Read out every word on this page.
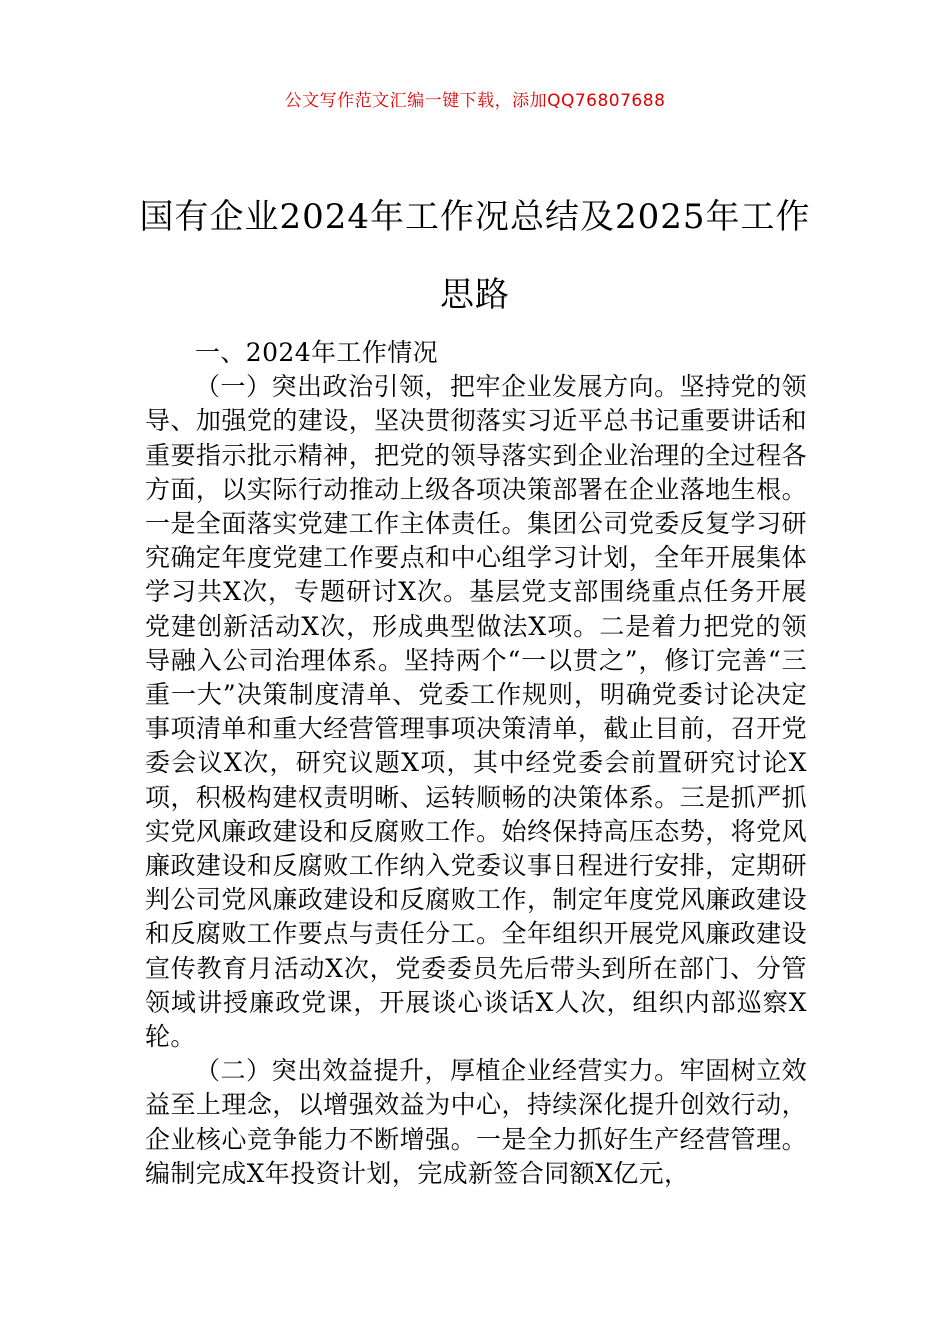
公文写作范文汇编一键下载，添加QQ76807688
国有企业2024年工作况总结及2025年工作思路

一、2024年工作情况

（一）突出政治引领，把牢企业发展方向。坚持党的领导、加强党的建设，坚决贯彻落实习近平总书记重要讲话和重要指示批示精神，把党的领导落实到企业治理的全过程各方面，以实际行动推动上级各项决策部署在企业落地生根。一是全面落实党建工作主体责任。集团公司党委反复学习研究确定年度党建工作要点和中心组学习计划，全年开展集体学习共X次，专题研讨X次。基层党支部围绕重点任务开展党建创新活动X次，形成典型做法X项。二是着力把党的领导融入公司治理体系。坚持两个“一以贯之”，修订完善“三重一大”决策制度清单、党委工作规则，明确党委讨论决定事项清单和重大经营管理事项决策清单，截止目前，召开党委会议X次，研究议题X项，其中经党委会前置研究讨论X项，积极构建权责明晰、运转顺畅的决策体系。三是抓严抓实党风廉政建设和反腐败工作。始终保持高压态势，将党风廉政建设和反腐败工作纳入党委议事日程进行安排，定期研判公司党风廉政建设和反腐败工作，制定年度党风廉政建设和反腐败工作要点与责任分工。全年组织开展党风廉政建设宣传教育月活动X次，党委委员先后带头到所在部门、分管领域讲授廉政党课，开展谈心谈话X人次，组织内部巡察X轮。

（二）突出效益提升，厚植企业经营实力。牢固树立效益至上理念，以增强效益为中心，持续深化提升创效行动，企业核心竞争能力不断增强。一是全力抓好生产经营管理。编制完成X年投资计划，完成新签合同额X亿元，
